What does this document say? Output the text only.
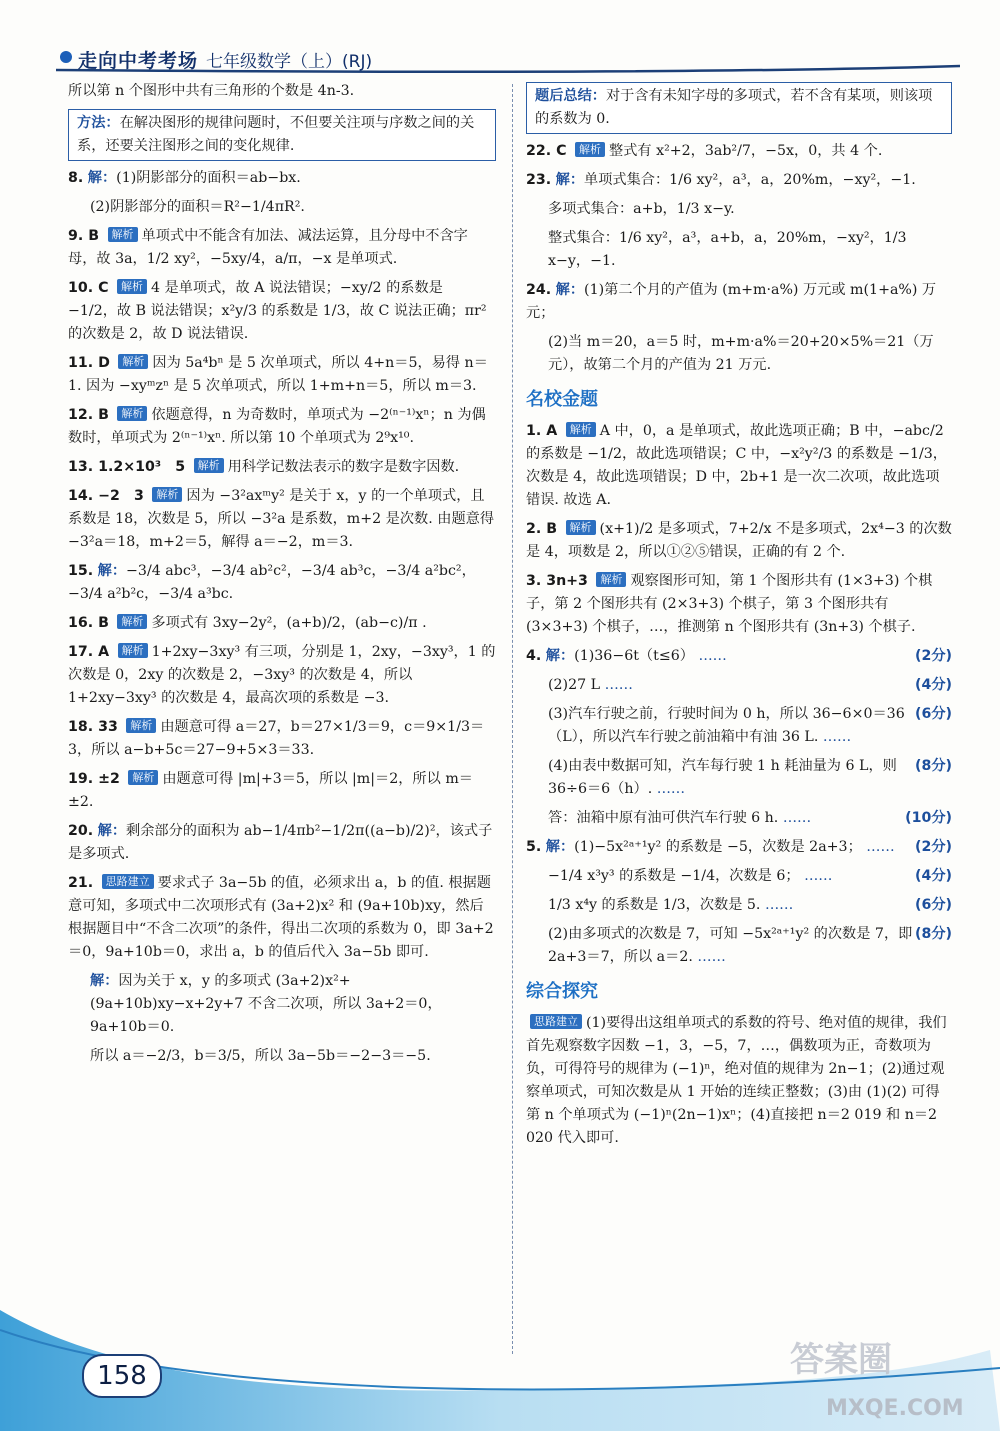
走向中考考场 七年级数学（上）(RJ)
所以第 n 个图形中共有三角形的个数是 4n-3.
方法：在解决图形的规律问题时，不但要关注项与序数之间的关系，还要关注图形之间的变化规律.
8. 解：(1)阴影部分的面积＝ab−bx.
(2)阴影部分的面积＝R²−1/4πR².
9. B 解析 单项式中不能含有加法、减法运算，且分母中不含字母，故 3a，1/2 xy²，−5xy/4，a/π，−x 是单项式.
10. C 解析 4 是单项式，故 A 说法错误；−xy/2 的系数是 −1/2，故 B 说法错误；x²y/3 的系数是 1/3，故 C 说法正确；πr² 的次数是 2，故 D 说法错误.
11. D 解析 因为 5a⁴bⁿ 是 5 次单项式，所以 4+n＝5，易得 n＝1. 因为 −xyᵐzⁿ 是 5 次单项式，所以 1+m+n＝5，所以 m＝3.
12. B 解析 依题意得，n 为奇数时，单项式为 −2⁽ⁿ⁻¹⁾xⁿ；n 为偶数时，单项式为 2⁽ⁿ⁻¹⁾xⁿ. 所以第 10 个单项式为 2⁹x¹⁰.
13. 1.2×10³　5 解析 用科学记数法表示的数字是数字因数.
14. −2　3 解析 因为 −3²axᵐy² 是关于 x，y 的一个单项式，且系数是 18，次数是 5，所以 −3²a 是系数，m+2 是次数. 由题意得 −3²a＝18，m+2＝5，解得 a＝−2，m＝3.
15. 解：−3/4 abc³，−3/4 ab²c²，−3/4 ab³c，−3/4 a²bc²，−3/4 a²b²c，−3/4 a³bc.
16. B 解析 多项式有 3xy−2y²，(a+b)/2，(ab−c)/π .
17. A 解析 1+2xy−3xy³ 有三项，分别是 1，2xy，−3xy³，1 的次数是 0，2xy 的次数是 2，−3xy³ 的次数是 4，所以 1+2xy−3xy³ 的次数是 4，最高次项的系数是 −3.
18. 33 解析 由题意可得 a＝27，b＝27×1/3＝9，c＝9×1/3＝3，所以 a−b+5c＝27−9+5×3＝33.
19. ±2 解析 由题意可得 |m|+3＝5，所以 |m|＝2，所以 m＝±2.
20. 解：剩余部分的面积为 ab−1/4πb²−1/2π((a−b)/2)²，该式子是多项式.
21. 思路建立 要求式子 3a−5b 的值，必须求出 a，b 的值. 根据题意可知，多项式中二次项形式有 (3a+2)x² 和 (9a+10b)xy，然后根据题目中“不含二次项”的条件，得出二次项的系数为 0，即 3a+2＝0，9a+10b＝0，求出 a，b 的值后代入 3a−5b 即可.
解：因为关于 x，y 的多项式 (3a+2)x²+(9a+10b)xy−x+2y+7 不含二次项，所以 3a+2＝0，9a+10b＝0.
所以 a＝−2/3，b＝3/5，所以 3a−5b＝−2−3＝−5.
题后总结：对于含有未知字母的多项式，若不含有某项，则该项的系数为 0.
22. C 解析 整式有 x²+2，3ab²/7，−5x，0，共 4 个.
23. 解：单项式集合：1/6 xy²，a³，a，20%m，−xy²，−1.
多项式集合：a+b，1/3 x−y.
整式集合：1/6 xy²，a³，a+b，a，20%m，−xy²，1/3 x−y，−1.
24. 解：(1)第二个月的产值为 (m+m·a%) 万元或 m(1+a%) 万元；
(2)当 m＝20，a＝5 时，m+m·a%＝20+20×5%＝21（万元），故第二个月的产值为 21 万元.
名校金题
1. A 解析 A 中，0，a 是单项式，故此选项正确；B 中，−abc/2 的系数是 −1/2，故此选项错误；C 中，−x²y²/3 的系数是 −1/3，次数是 4，故此选项错误；D 中，2b+1 是一次二次项，故此选项错误. 故选 A.
2. B 解析 (x+1)/2 是多项式，7+2/x 不是多项式，2x⁴−3 的次数是 4，项数是 2，所以①②⑤错误，正确的有 2 个.
3. 3n+3 解析 观察图形可知，第 1 个图形共有 (1×3+3) 个棋子，第 2 个图形共有 (2×3+3) 个棋子，第 3 个图形共有 (3×3+3) 个棋子，…，推测第 n 个图形共有 (3n+3) 个棋子.
(2分)
4. 解：(1)36−6t（t≤6） ……
(4分)
(2)27 L ……
(6分)
(3)汽车行驶之前，行驶时间为 0 h，所以 36−6×0＝36（L），所以汽车行驶之前油箱中有油 36 L. ……
(8分)
(4)由表中数据可知，汽车每行驶 1 h 耗油量为 6 L，则 36÷6＝6（h）. ……
(10分)
答：油箱中原有油可供汽车行驶 6 h. ……
(2分)
5. 解：(1)−5x²ᵃ⁺¹y² 的系数是 −5，次数是 2a+3； ……
(4分)
−1/4 x³y³ 的系数是 −1/4，次数是 6； ……
(6分)
1/3 x⁴y 的系数是 1/3，次数是 5. ……
(8分)
(2)由多项式的次数是 7，可知 −5x²ᵃ⁺¹y² 的次数是 7，即 2a+3＝7，所以 a＝2. ……
综合探究
思路建立 (1)要得出这组单项式的系数的符号、绝对值的规律，我们首先观察数字因数 −1，3，−5，7，…，偶数项为正，奇数项为负，可得符号的规律为 (−1)ⁿ，绝对值的规律为 2n−1；(2)通过观察单项式，可知次数是从 1 开始的连续正整数；(3)由 (1)(2) 可得第 n 个单项式为 (−1)ⁿ(2n−1)xⁿ；(4)直接把 n＝2 019 和 n＝2 020 代入即可.
158	答案圈
MXQE.COM
